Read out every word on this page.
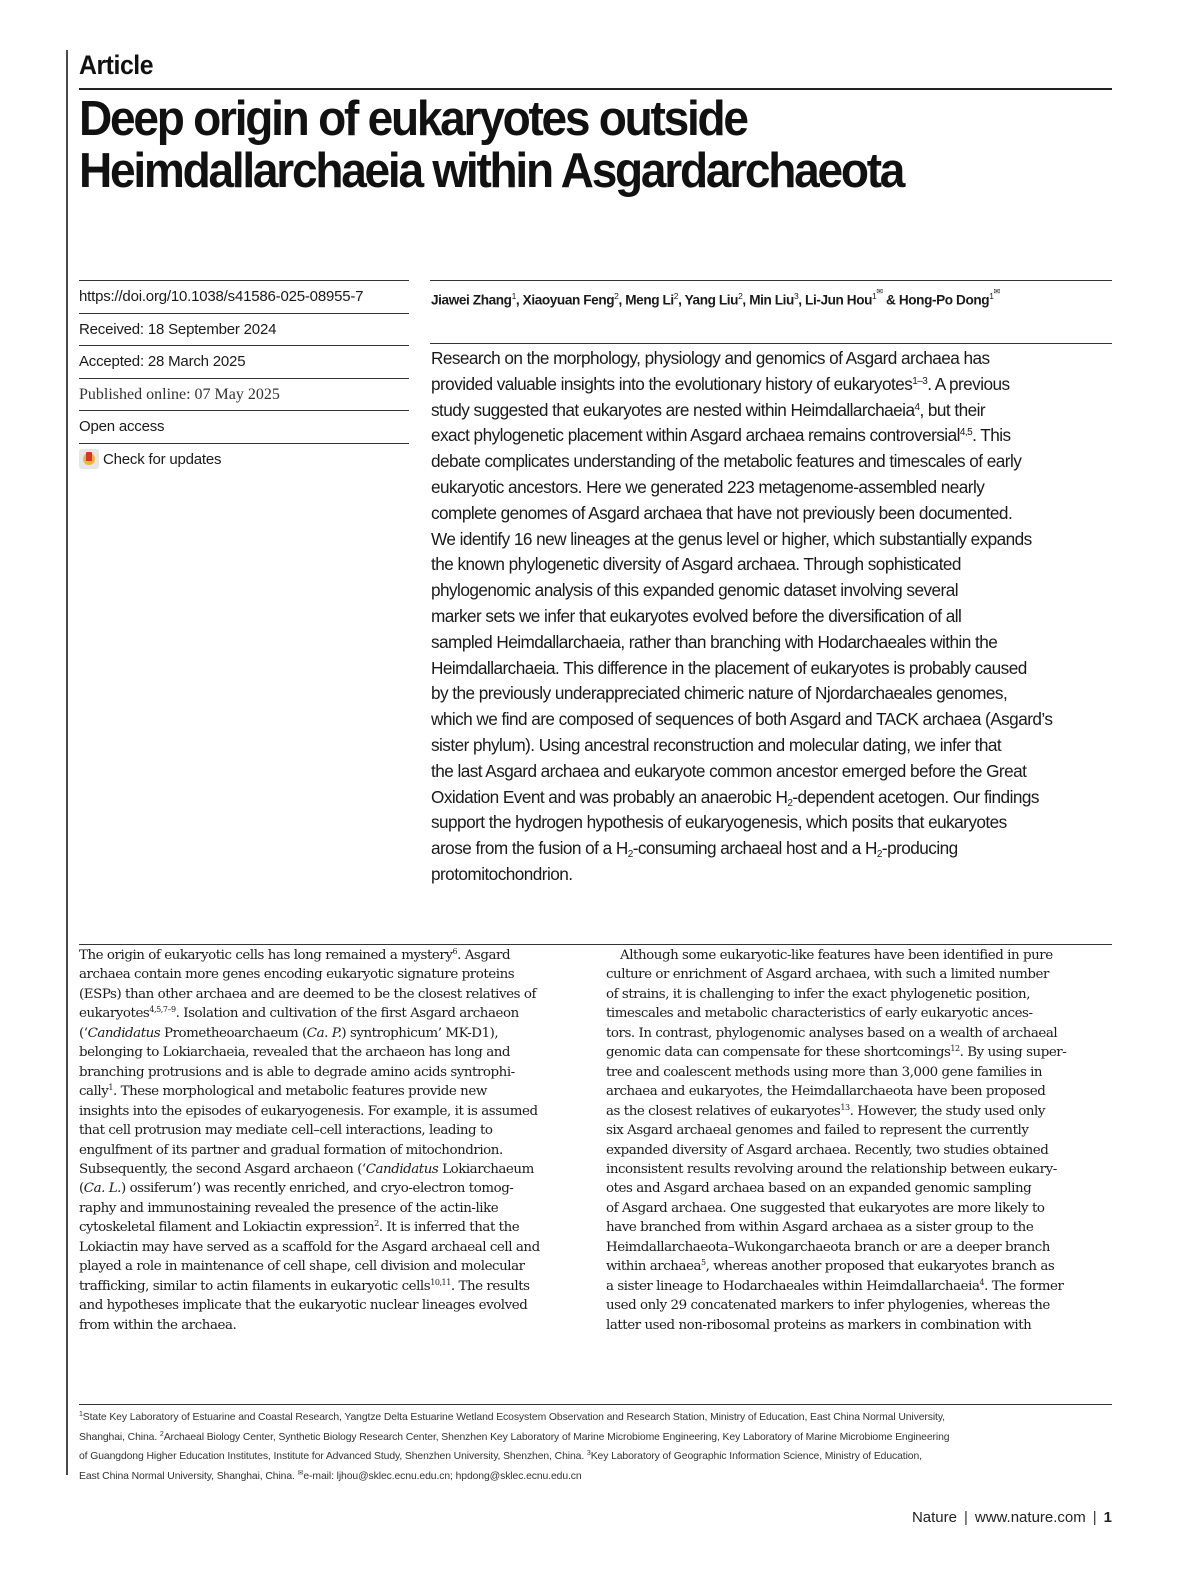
Article
Deep origin of eukaryotes outside
Heimdallarchaeia within Asgardarchaeota
https://doi.org/10.1038/s41586-025-08955-7
Received: 18 September 2024
Accepted: 28 March 2025
Published online: 07 May 2025
Open access
Check for updates
Jiawei Zhang$^1$, Xiaoyuan Feng$^2$, Meng Li$^2$, Yang Liu$^2$, Min Liu$^3$, Li-Jun Hou$^{1✉}$ & Hong-Po Dong$^{1✉}$

Research on the morphology, physiology and genomics of Asgard archaea has
provided valuable insights into the evolutionary history of eukaryotes$^{1-3}$. A previous
study suggested that eukaryotes are nested within Heimdallarchaeia$^4$, but their
exact phylogenetic placement within Asgard archaea remains controversial$^{4,5}$. This
debate complicates understanding of the metabolic features and timescales of early
eukaryotic ancestors. Here we generated 223 metagenome-assembled nearly
complete genomes of Asgard archaea that have not previously been documented.
We identify 16 new lineages at the genus level or higher, which substantially expands
the known phylogenetic diversity of Asgard archaea. Through sophisticated
phylogenomic analysis of this expanded genomic dataset involving several
marker sets we infer that eukaryotes evolved before the diversification of all
sampled Heimdallarchaeia, rather than branching with Hodarchaeales within the
Heimdallarchaeia. This difference in the placement of eukaryotes is probably caused
by the previously underappreciated chimeric nature of Njordarchaeales genomes,
which we find are composed of sequences of both Asgard and TACK archaea (Asgard’s
sister phylum). Using ancestral reconstruction and molecular dating, we infer that
the last Asgard archaea and eukaryote common ancestor emerged before the Great
Oxidation Event and was probably an anaerobic $H_2$-dependent acetogen. Our findings
support the hydrogen hypothesis of eukaryogenesis, which posits that eukaryotes
arose from the fusion of a $H_2$-consuming archaeal host and a $H_2$-producing
protomitochondrion.

The origin of eukaryotic cells has long remained a mystery$^6$. Asgard
archaea contain more genes encoding eukaryotic signature proteins
(ESPs) than other archaea and are deemed to be the closest relatives of
eukaryotes$^{4,5,7-9}$. Isolation and cultivation of the first Asgard archaeon
(‘Candidatus Prometheoarchaeum (Ca. P.) syntrophicum’ MK-D1),
belonging to Lokiarchaeia, revealed that the archaeon has long and
branching protrusions and is able to degrade amino acids syntrophi-
cally$^1$. These morphological and metabolic features provide new
insights into the episodes of eukaryogenesis. For example, it is assumed
that cell protrusion may mediate cell–cell interactions, leading to
engulfment of its partner and gradual formation of mitochondrion.
Subsequently, the second Asgard archaeon (‘Candidatus Lokiarchaeum
(Ca. L.) ossiferum’) was recently enriched, and cryo-electron tomog-
raphy and immunostaining revealed the presence of the actin-like
cytoskeletal filament and Lokiactin expression$^2$. It is inferred that the
Lokiactin may have served as a scaffold for the Asgard archaeal cell and
played a role in maintenance of cell shape, cell division and molecular
trafficking, similar to actin filaments in eukaryotic cells$^{10,11}$. The results
and hypotheses implicate that the eukaryotic nuclear lineages evolved
from within the archaea.

Although some eukaryotic-like features have been identified in pure
culture or enrichment of Asgard archaea, with such a limited number
of strains, it is challenging to infer the exact phylogenetic position,
timescales and metabolic characteristics of early eukaryotic ances-
tors. In contrast, phylogenomic analyses based on a wealth of archaeal
genomic data can compensate for these shortcomings$^{12}$. By using super-
tree and coalescent methods using more than 3,000 gene families in
archaea and eukaryotes, the Heimdallarchaeota have been proposed
as the closest relatives of eukaryotes$^{13}$. However, the study used only
six Asgard archaeal genomes and failed to represent the currently
expanded diversity of Asgard archaea. Recently, two studies obtained
inconsistent results revolving around the relationship between eukary-
otes and Asgard archaea based on an expanded genomic sampling
of Asgard archaea. One suggested that eukaryotes are more likely to
have branched from within Asgard archaea as a sister group to the
Heimdallarchaeota–Wukongarchaeota branch or are a deeper branch
within archaea$^5$, whereas another proposed that eukaryotes branch as
a sister lineage to Hodarchaeales within Heimdallarchaeia$^4$. The former
used only 29 concatenated markers to infer phylogenies, whereas the
latter used non-ribosomal proteins as markers in combination with

$^1$State Key Laboratory of Estuarine and Coastal Research, Yangtze Delta Estuarine Wetland Ecosystem Observation and Research Station, Ministry of Education, East China Normal University,
Shanghai, China. $^2$Archaeal Biology Center, Synthetic Biology Research Center, Shenzhen Key Laboratory of Marine Microbiome Engineering, Key Laboratory of Marine Microbiome Engineering
of Guangdong Higher Education Institutes, Institute for Advanced Study, Shenzhen University, Shenzhen, China. $^3$Key Laboratory of Geographic Information Science, Ministry of Education,
East China Normal University, Shanghai, China. ✉e-mail: ljhou@sklec.ecnu.edu.cn; hpdong@sklec.ecnu.edu.cn

Nature | www.nature.com | 1
